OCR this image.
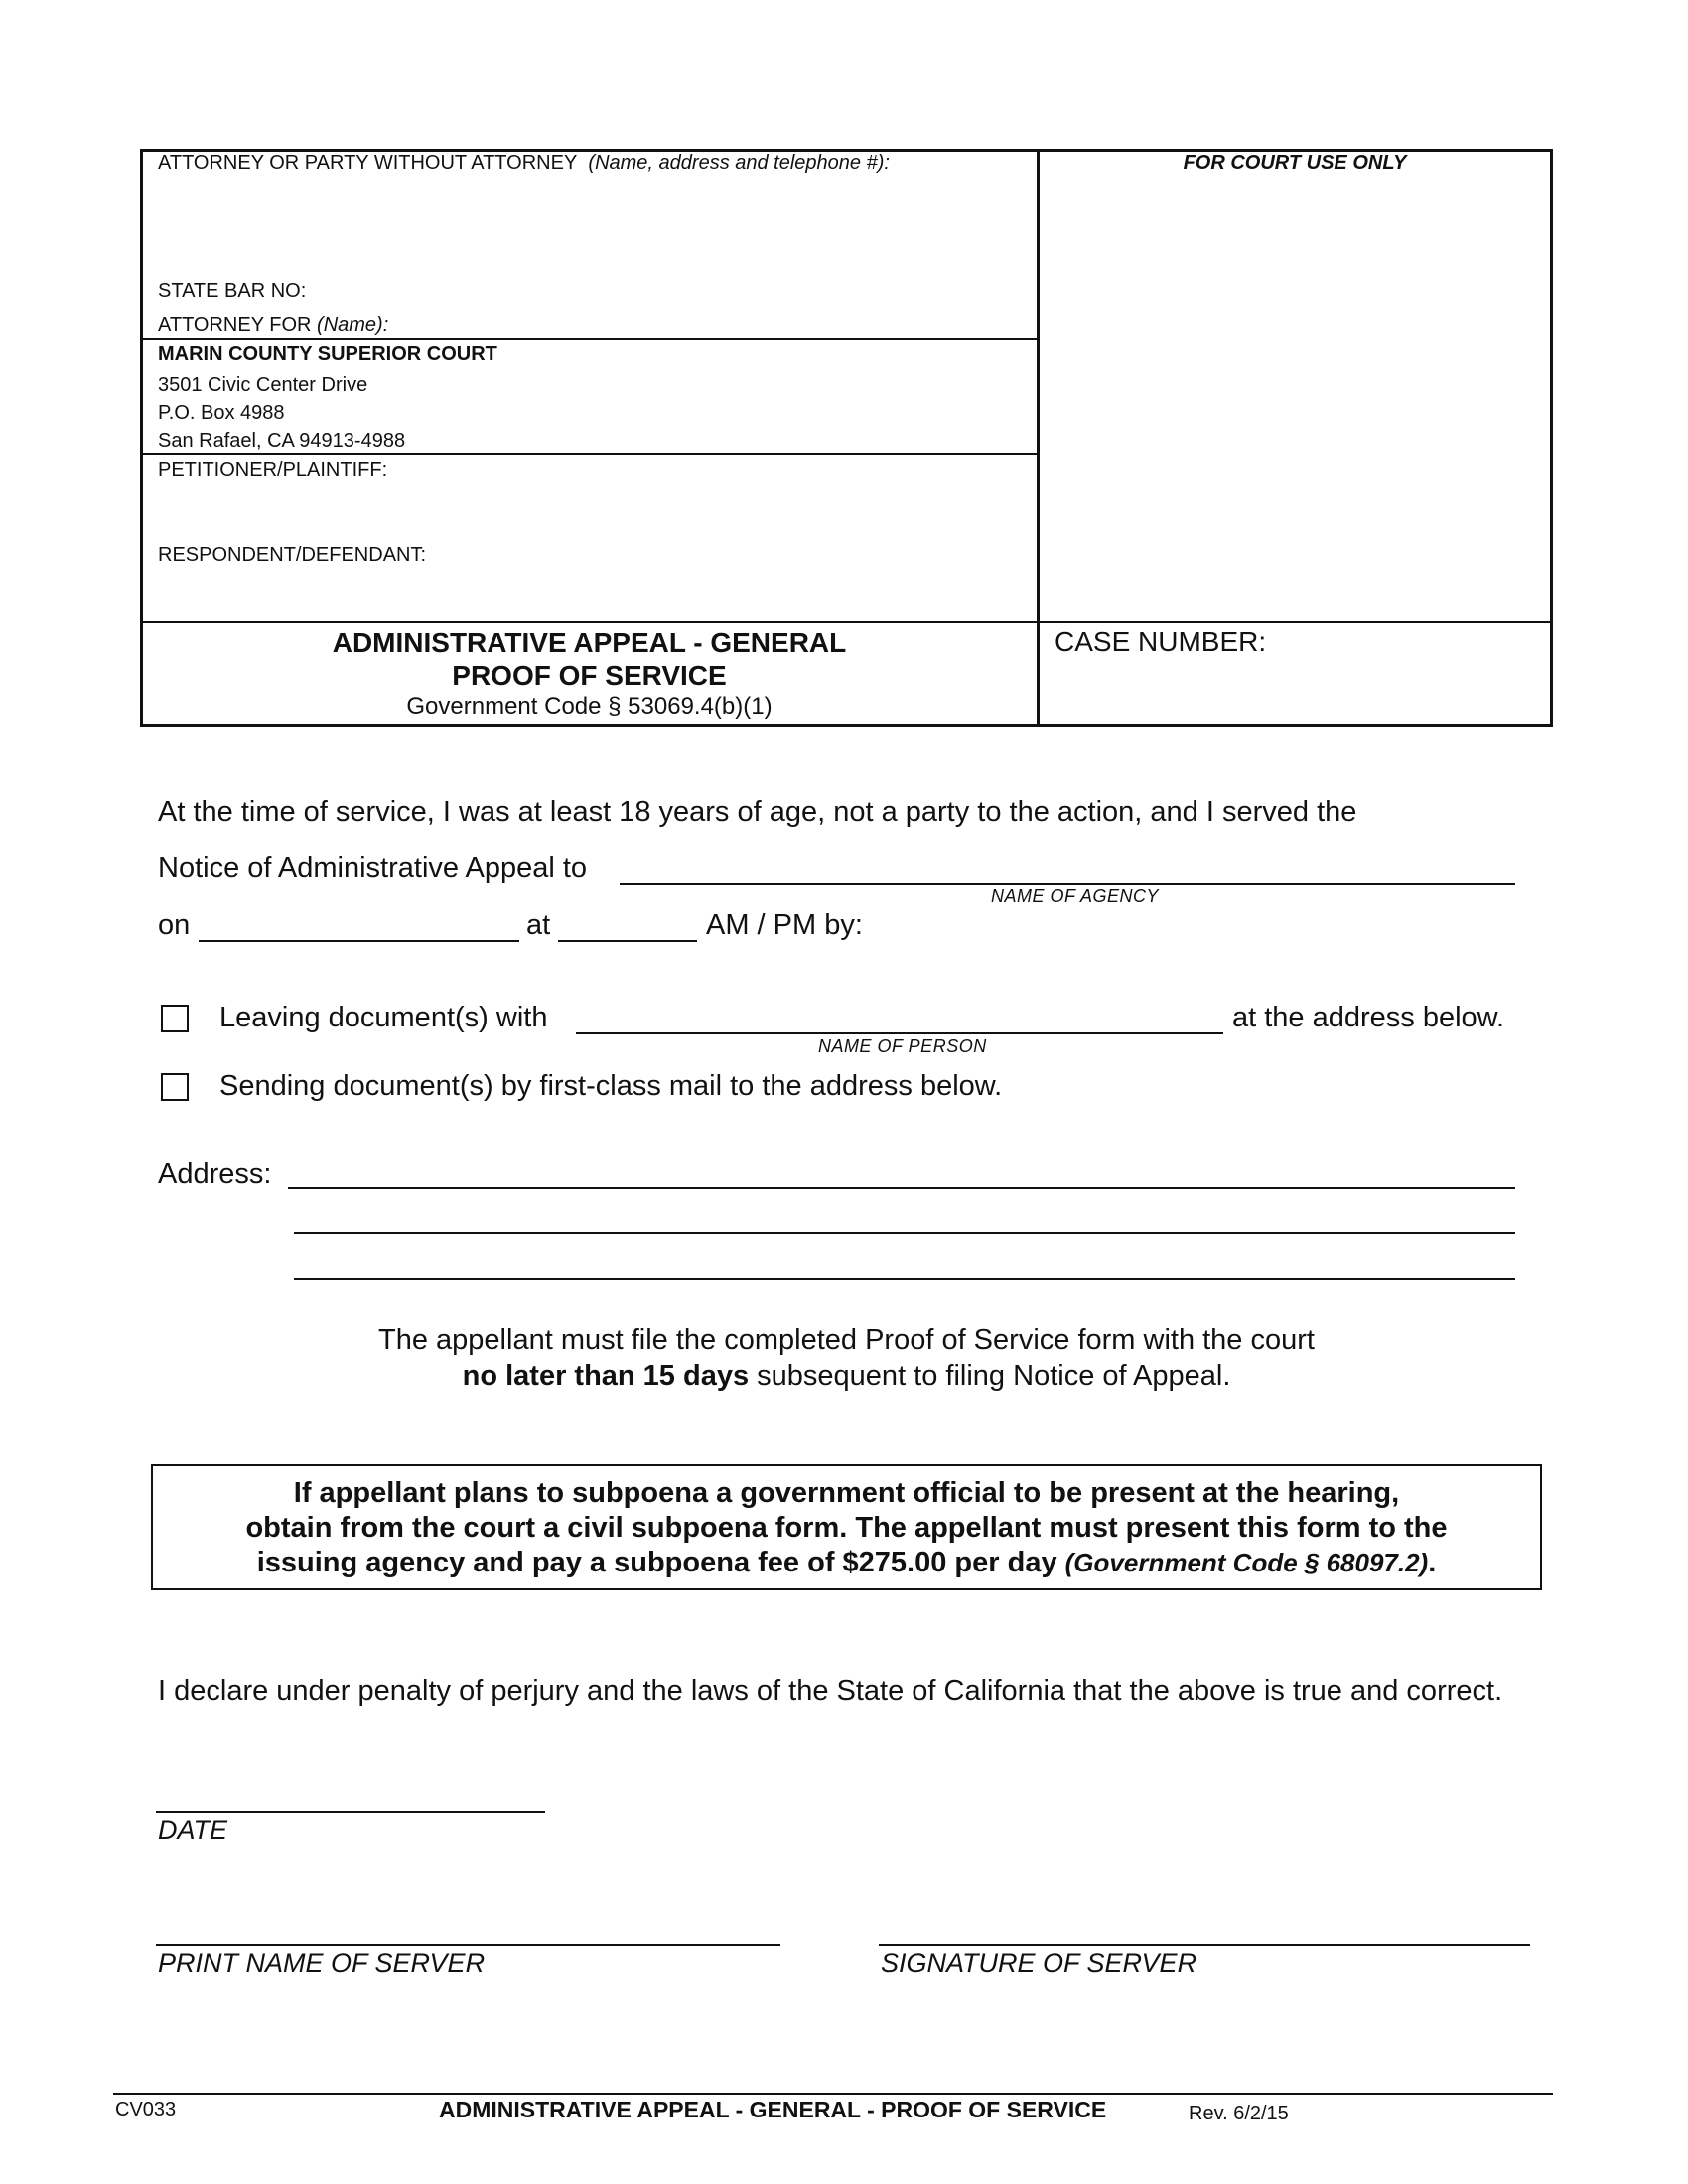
ATTORNEY OR PARTY WITHOUT ATTORNEY (Name, address and telephone #):	FOR COURT USE ONLY
STATE BAR NO:
ATTORNEY FOR (Name):
MARIN COUNTY SUPERIOR COURT
3501 Civic Center Drive
P.O. Box 4988
San Rafael, CA 94913-4988
PETITIONER/PLAINTIFF:
RESPONDENT/DEFENDANT:
ADMINISTRATIVE APPEAL - GENERAL
PROOF OF SERVICE
Government Code § 53069.4(b)(1)
CASE NUMBER:
At the time of service, I was at least 18 years of age, not a party to the action, and I served the
Notice of Administrative Appeal to
NAME OF AGENCY
on	at	AM / PM by:
Leaving document(s) with	at the address below.
NAME OF PERSON
Sending document(s) by first-class mail to the address below.
Address:
The appellant must file the completed Proof of Service form with the court
no later than 15 days subsequent to filing Notice of Appeal.
If appellant plans to subpoena a government official to be present at the hearing,
obtain from the court a civil subpoena form. The appellant must present this form to the
issuing agency and pay a subpoena fee of $275.00 per day (Government Code § 68097.2).
I declare under penalty of perjury and the laws of the State of California that the above is true and correct.
DATE
PRINT NAME OF SERVER	SIGNATURE OF SERVER
CV033	ADMINISTRATIVE APPEAL - GENERAL - PROOF OF SERVICE	Rev. 6/2/15
